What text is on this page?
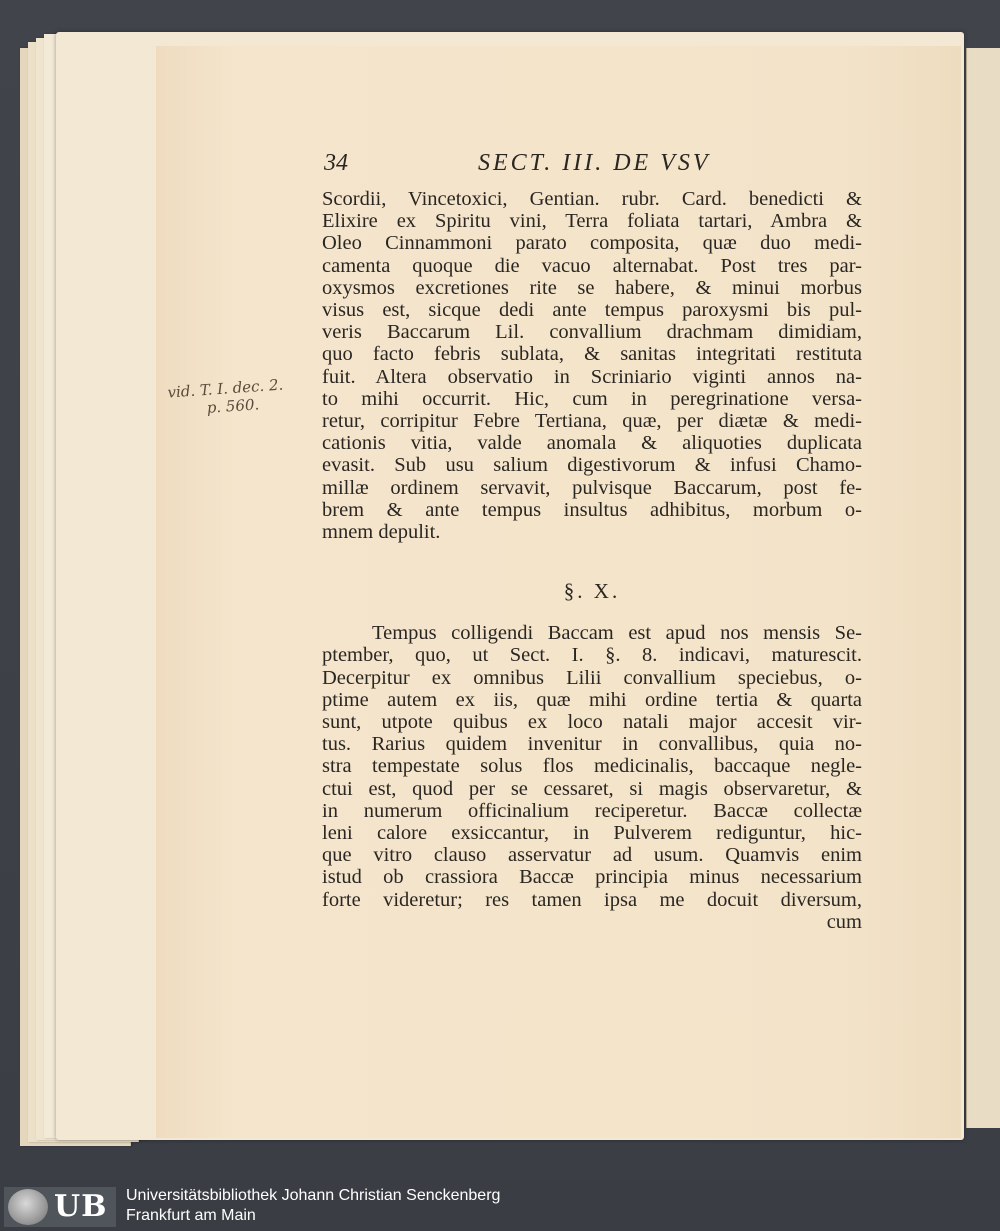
vid. T. I. dec. 2.
p. 560.
34	SECT. III. DE VSV
Scordii, Vincetoxici, Gentian. rubr. Card. benedicti &
Elixire ex Spiritu vini, Terra foliata tartari, Ambra &
Oleo Cinnammoni parato composita, quæ duo medi-
camenta quoque die vacuo alternabat. Post tres par-
oxysmos excretiones rite se habere, & minui morbus
visus est, sicque dedi ante tempus paroxysmi bis pul-
veris Baccarum Lil. convallium drachmam dimidiam,
quo facto febris sublata, & sanitas integritati restituta
fuit. Altera observatio in Scriniario viginti annos na-
to mihi occurrit. Hic, cum in peregrinatione versa-
retur, corripitur Febre Tertiana, quæ, per diætæ & medi-
cationis vitia, valde anomala & aliquoties duplicata
evasit. Sub usu salium digestivorum & infusi Chamo-
millæ ordinem servavit, pulvisque Baccarum, post fe-
brem & ante tempus insultus adhibitus, morbum o-
mnem depulit.
§. X.
Tempus colligendi Baccam est apud nos mensis Se-
ptember, quo, ut Sect. I. §. 8. indicavi, maturescit.
Decerpitur ex omnibus Lilii convallium speciebus, o-
ptime autem ex iis, quæ mihi ordine tertia & quarta
sunt, utpote quibus ex loco natali major accesit vir-
tus. Rarius quidem invenitur in convallibus, quia no-
stra tempestate solus flos medicinalis, baccaque negle-
ctui est, quod per se cessaret, si magis observaretur, &
in numerum officinalium reciperetur. Baccæ collectæ
leni calore exsiccantur, in Pulverem rediguntur, hic-
que vitro clauso asservatur ad usum. Quamvis enim
istud ob crassiora Baccæ principia minus necessarium
forte videretur; res tamen ipsa me docuit diversum,
cum
UB Universitätsbibliothek Johann Christian Senckenberg
Frankfurt am Main
